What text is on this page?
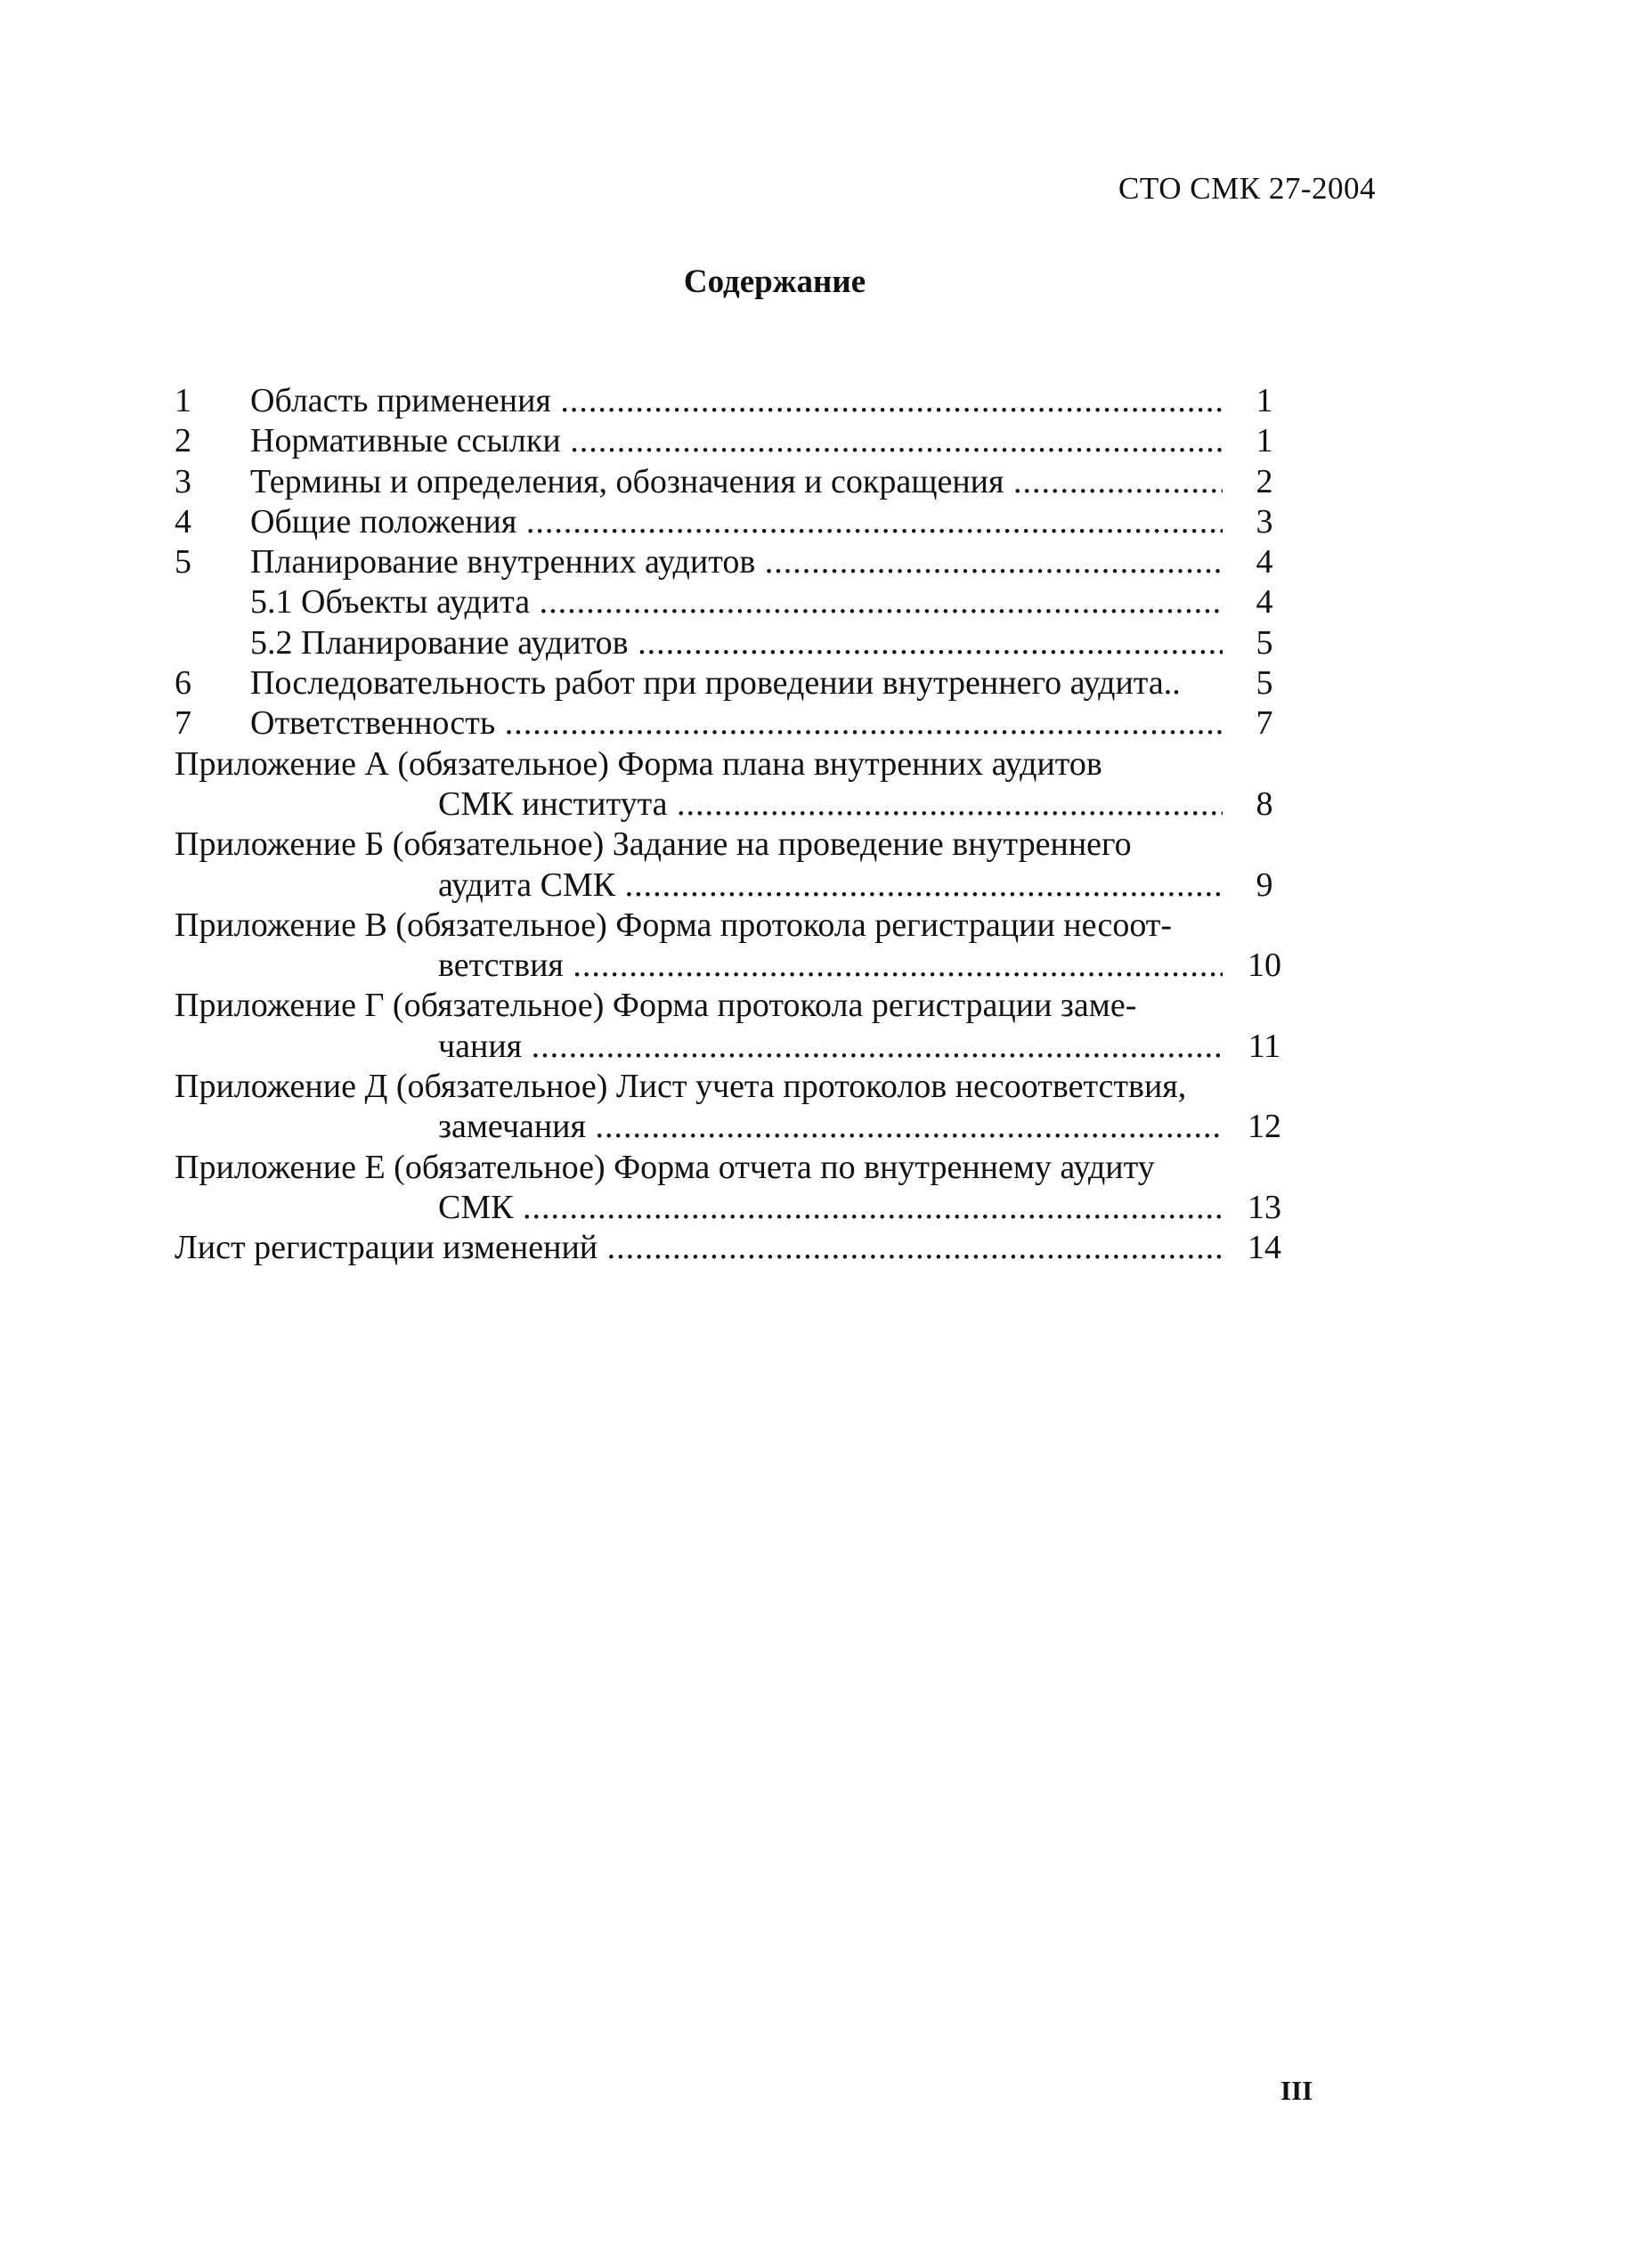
СТО СМК 27-2004
Содержание
1 Область применения .....	1
2 Нормативные ссылки .....	1
3 Термины и определения, обозначения и сокращения .....	2
4 Общие положения .....	3
5 Планирование внутренних аудитов .....	4
5.1 Объекты аудита .....	4
5.2 Планирование аудитов .....	5
6 Последовательность работ при проведении внутреннего аудита..	5
7 Ответственность .....	7
Приложение А (обязательное) Форма плана внутренних аудитов
СМК института .....	8
Приложение Б (обязательное) Задание на проведение внутреннего
аудита СМК .....	9
Приложение В (обязательное) Форма протокола регистрации несоот-
ветствия .....	10
Приложение Г (обязательное) Форма протокола регистрации заме-
чания .....	11
Приложение Д (обязательное) Лист учета протоколов несоответствия,
замечания .....	12
Приложение Е (обязательное) Форма отчета по внутреннему аудиту
СМК .....	13
Лист регистрации изменений .....	14
III
